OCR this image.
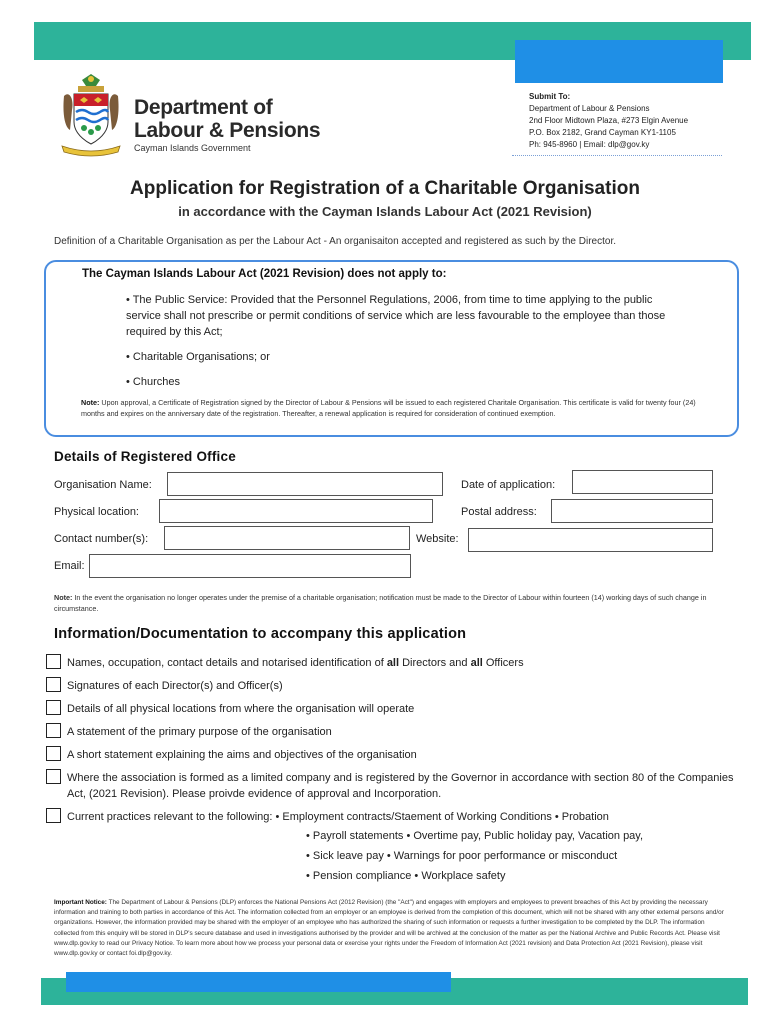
Department of Labour & Pensions
Cayman Islands Government
Submit To:
Department of Labour & Pensions
2nd Floor Midtown Plaza, #273 Elgin Avenue
P.O. Box 2182, Grand Cayman KY1-1105
Ph: 945-8960 | Email: dlp@gov.ky
Application for Registration of a Charitable Organisation
in accordance with the Cayman Islands Labour Act (2021 Revision)
Definition of a Charitable Organisation as per the Labour Act - An organisaiton accepted and registered as such by the Director.
The Cayman Islands Labour Act (2021 Revision) does not apply to:
• The Public Service: Provided that the Personnel Regulations, 2006, from time to time applying to the public service shall not prescribe or permit conditions of service which are less favourable to the employee than those required by this Act;
• Charitable Organisations; or
• Churches
Note: Upon approval, a Certificate of Registration signed by the Director of Labour & Pensions will be issued to each registered Charitale Organisation. This certificate is valid for twenty four (24) months and expires on the anniversary date of the registration. Thereafter, a renewal application is required for consideration of continued exemption.
Details of Registered Office
Organisation Name:	Date of application:
Physical location:	Postal address:
Contact number(s):	Website:
Email:
Note: In the event the organisation no longer operates under the premise of a charitable organisation; notification must be made to the Director of Labour within fourteen (14) working days of such change in circumstance.
Information/Documentation to accompany this application
Names, occupation, contact details and notarised identification of all Directors and all Officers
Signatures of each Director(s) and Officer(s)
Details of all physical locations from where the organisation will operate
A statement of the primary purpose of the organisation
A short statement explaining the aims and objectives of the organisation
Where the association is formed as a limited company and is registered by the Governor in accordance with section 80 of the Companies Act, (2021 Revision). Please proivde evidence of approval and Incorporation.
Current practices relevant to the following: • Employment contracts/Staement of Working Conditions • Probation
• Payroll statements • Overtime pay, Public holiday pay, Vacation pay,
• Sick leave pay • Warnings for poor performance or misconduct
• Pension compliance • Workplace safety
Important Notice: The Department of Labour & Pensions (DLP) enforces the National Pensions Act (2012 Revision) (the "Act") and engages with employers and employees to prevent breaches of this Act by providing the necessary information and training to both parties in accordance of this Act. The information collected from an employer or an employee is derived from the completion of this document, which will not be shared with any other external persons and/or organizations. However, the information provided may be shared with the employer of an employee who has authorized the sharing of such information or requests a further investigation to be completed by the DLP. The information collected from this enquiry will be stored in DLP's secure database and used in investigations authorised by the provider and will be archived at the conclusion of the matter as per the National Archive and Public Records Act. Please visit www.dlp.gov.ky to read our Privacy Notice. To learn more about how we process your personal data or exercise your rights under the Freedom of Information Act (2021 revision) and Data Protection Act (2021 Revision), please visit www.dlp.gov.ky or contact foi.dlp@gov.ky.
